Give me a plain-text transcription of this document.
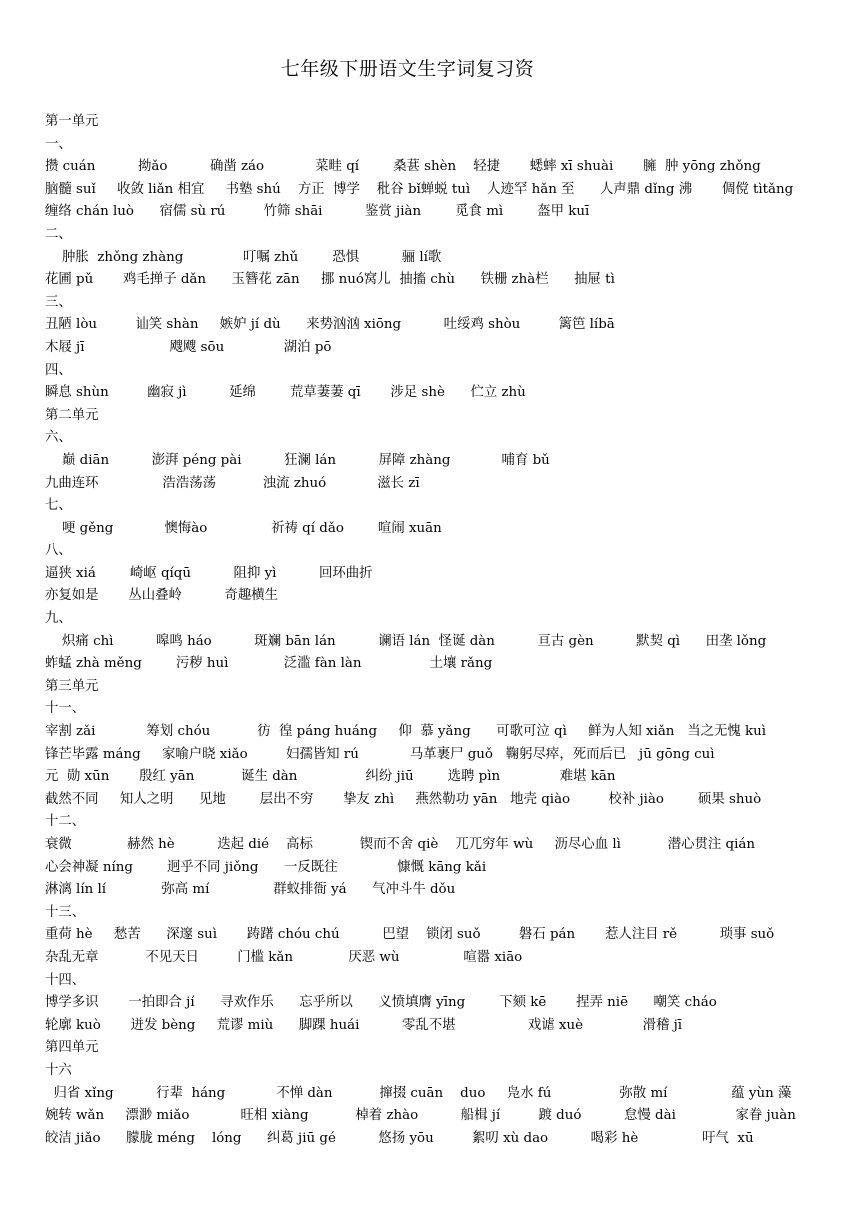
七年级下册语文生字词复习资
第一单元
一、
攒 cuán          拗ǎo          确凿 záo            菜畦 qí        桑葚 shèn    轻捷       蟋蟀 xī shuài       臃  肿 yōng zhǒng
脑髓 suǐ     收敛 liǎn 相宜     书塾 shú    方正  博学    秕谷 bǐ蝉蜕 tuì    人迹罕 hǎn 至      人声鼎 dǐng 沸       倜傥 tìtǎng
缠络 chán luò      宿儒 sù rú         竹筛 shāi          鉴赏 jiàn        觅食 mì        盔甲 kuī
二、
肿胀  zhǒng zhàng              叮嘱 zhǔ        恐惧          骊 lí歌
花圃 pǔ       鸡毛掸子 dǎn      玉簪花 zān     挪 nuó窝儿  抽搐 chù      铁栅 zhà栏      抽屉 tì
三、
丑陋 lòu         讪笑 shàn     嫉妒 jí dù      来势汹汹 xiōng          吐绥鸡 shòu         篱笆 líbā
木屐 jī                    飕飕 sōu              湖泊 pō
四、
瞬息 shùn         幽寂 jì          延绵        荒草萋萋 qī       涉足 shè      伫立 zhù
第二单元
六、
巅 diān          澎湃 péng pài          狂澜 lán          屏障 zhàng            哺育 bǔ
九曲连环               浩浩荡荡           浊流 zhuó            滋长 zī
七、
哽 gěng            懊悔ào               祈祷 qí dǎo        喧闹 xuān
八、
逼狭 xiá        崎岖 qíqū          阻抑 yì          回环曲折
亦复如是       丛山叠岭          奇趣横生
九、
炽痛 chì          嗥鸣 háo          斑斓 bān lán          谰语 lán  怪诞 dàn          亘古 gèn          默契 qì      田垄 lǒng
蚱蜢 zhà měng        污秽 huì             泛滥 fàn làn                土壤 rǎng
第三单元
十一、
宰割 zǎi            筹划 chóu           彷  徨 páng huáng     仰  慕 yǎng      可歌可泣 qì     鲜为人知 xiǎn   当之无愧 kuì
锋芒毕露 máng     家喻户晓 xiǎo         妇孺皆知 rú            马革裹尸 guǒ   鞠躬尽瘁，死而后已   jū gōng cuì
元  勋 xūn       殷红 yān           诞生 dàn                纠纷 jiū        选聘 pìn              难堪 kān
截然不同     知人之明      见地        层出不穷       挚友 zhì     燕然勒功 yān   地壳 qiào         校补 jiào        硕果 shuò
十二、
衰微             赫然 hè          迭起 dié    高标           锲而不舍 qiè    兀兀穷年 wù     沥尽心血 lì           潜心贯注 qián
心会神凝 níng        迥乎不同 jiǒng      一反既往              慷慨 kāng kǎi
淋漓 lín lí             弥高 mí               群蚁排衙 yá      气冲斗牛 dǒu
十三、
重荷 hè     愁苦      深邃 suì       踌躇 chóu chú          巴望    锁闭 suǒ         磐石 pán       惹人注目 rě          琐事 suǒ
杂乱无章           不见天日         门槛 kǎn             厌恶 wù               喧嚣 xiāo
十四、
博学多识       一拍即合 jí      寻欢作乐      忘乎所以      义愤填膺 yīng        下颏 kē       捏弄 niē      嘲笑 cháo
轮廓 kuò       迸发 bèng     荒谬 miù      脚踝 huái          零乱不堪                 戏谑 xuè              滑稽 jī
第四单元
十六
归省 xǐng          行辈  háng            不惮 dàn           撺掇 cuān    duo     凫水 fú                弥散 mí               蕴 yùn 藻
婉转 wǎn     漂渺 miǎo            旺相 xiàng           棹着 zhào          船楫 jí         踱 duó          怠慢 dài              家眷 juàn
皎洁 jiǎo      朦胧 méng    lóng      纠葛 jiū gé          悠扬 yōu         絮叨 xù dao          喝彩 hè               吁气  xū
